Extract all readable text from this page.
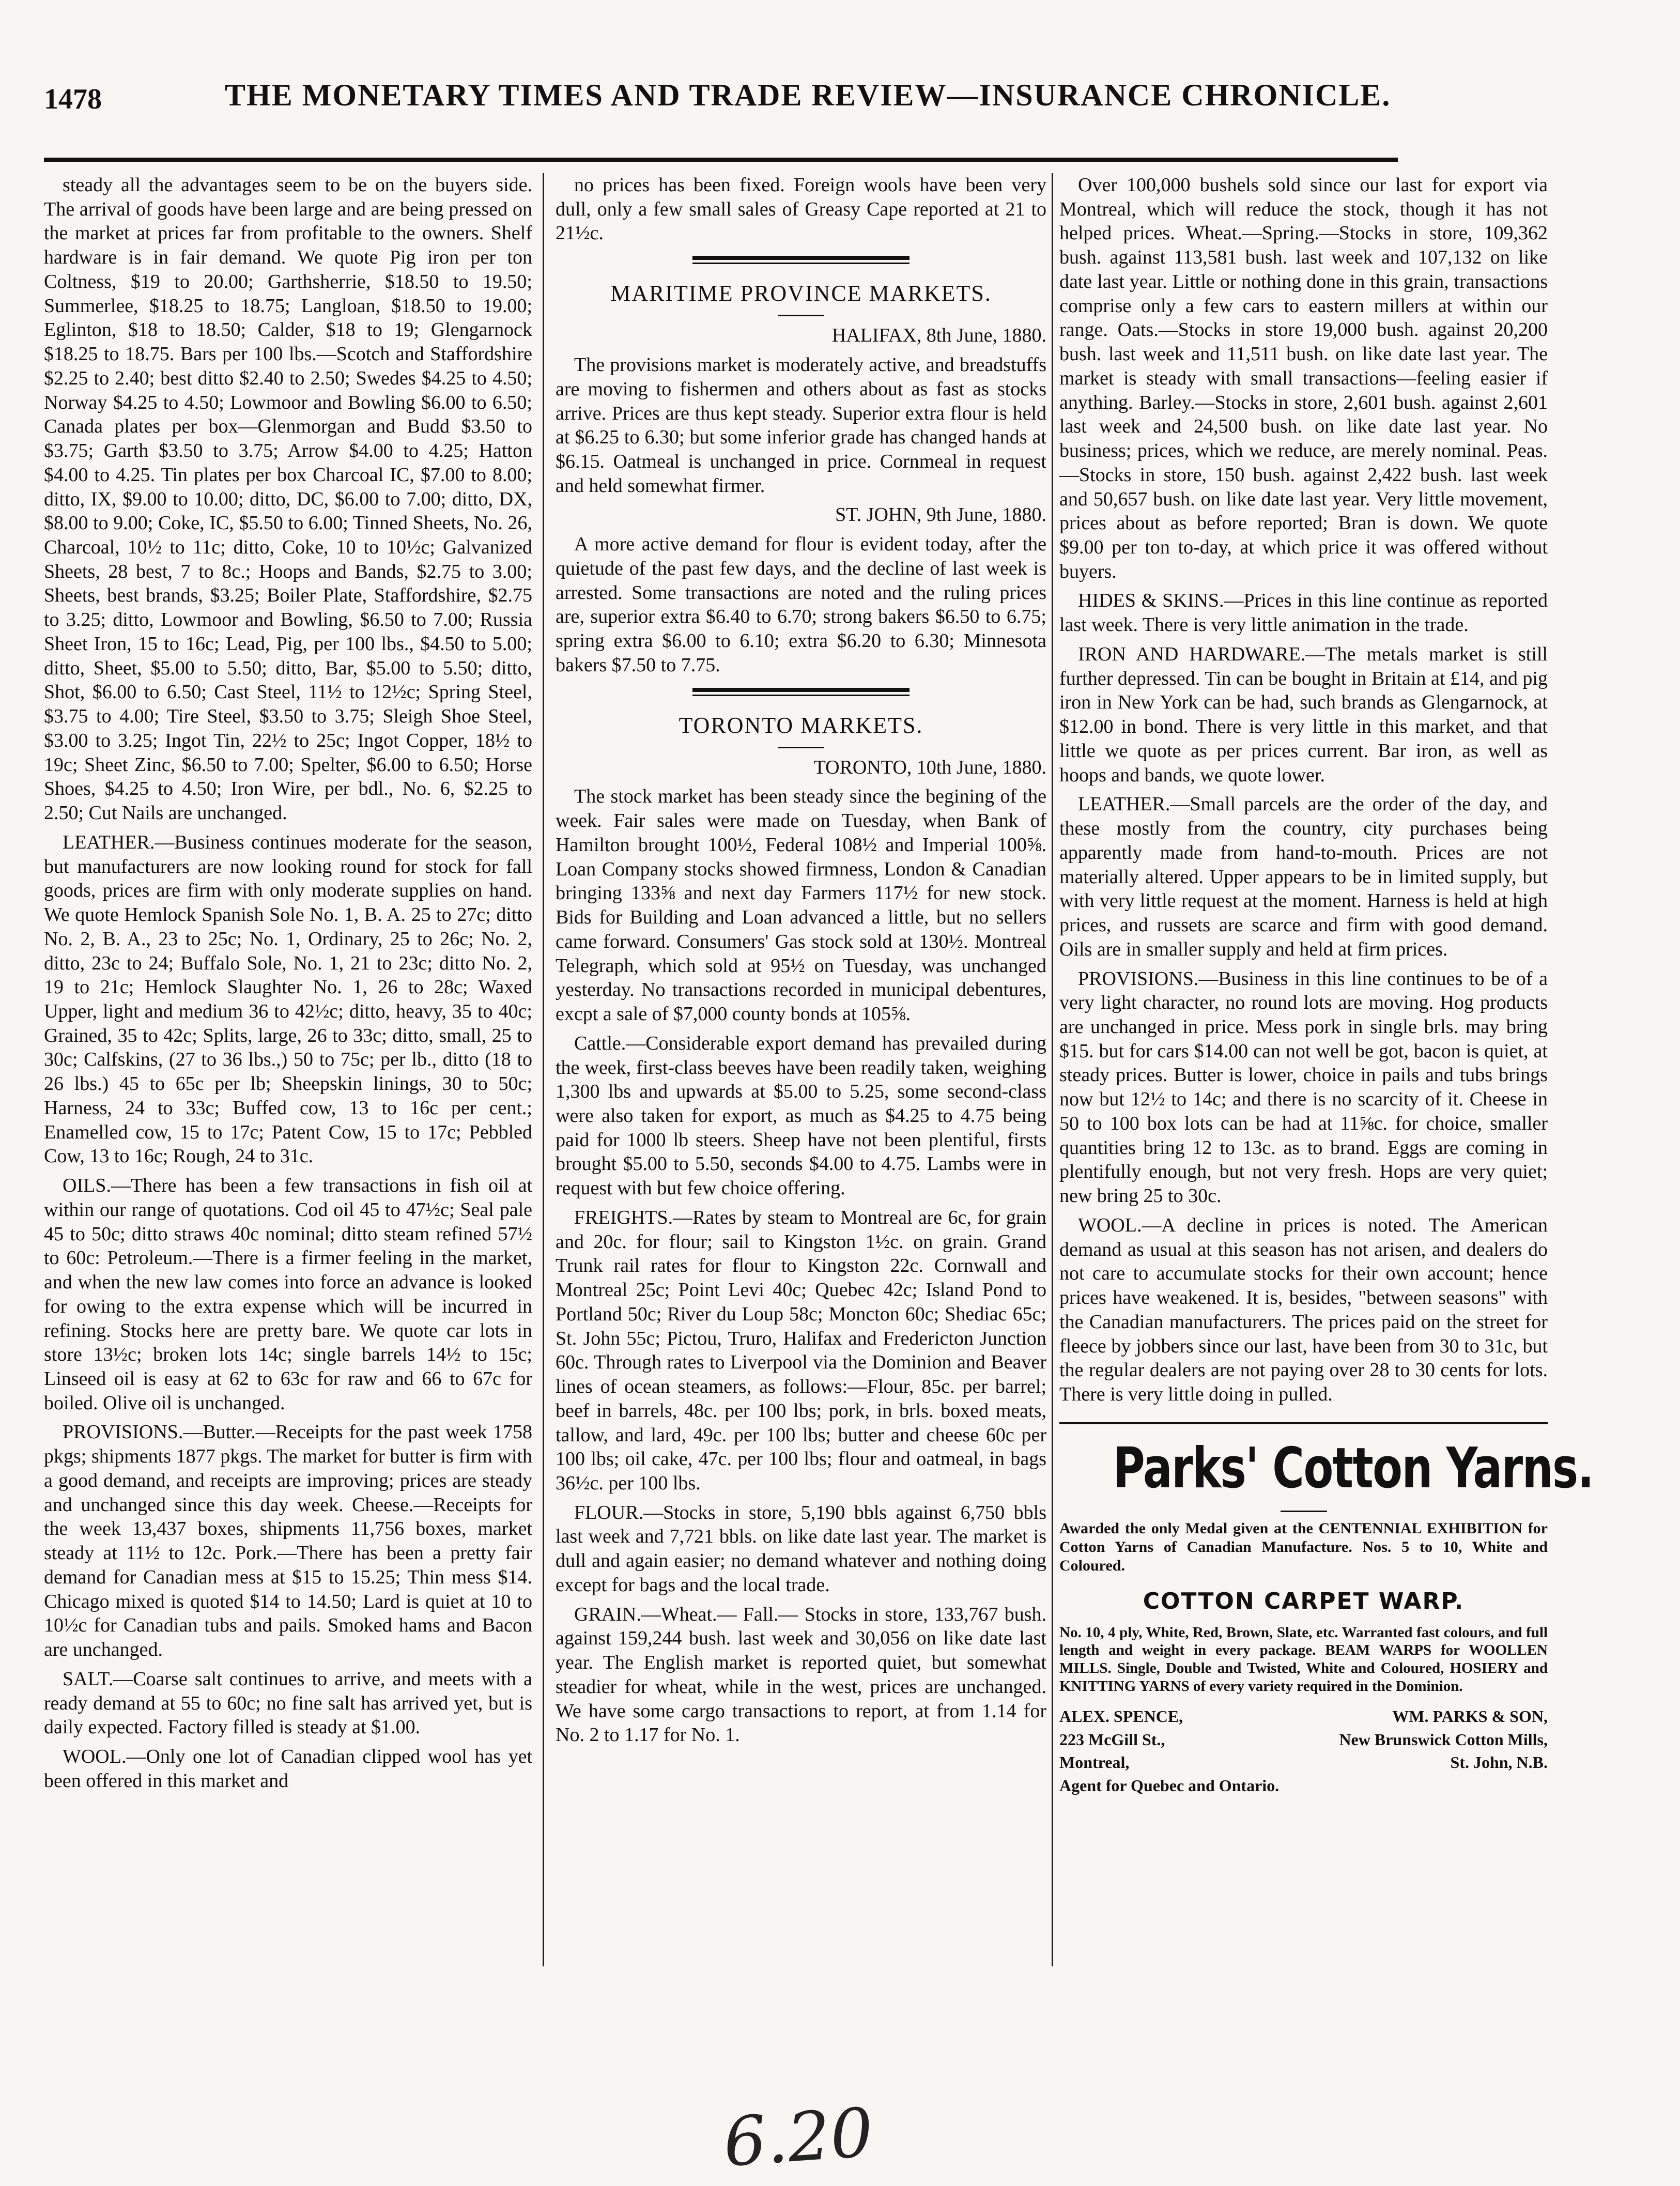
1478	THE MONETARY TIMES AND TRADE REVIEW—INSURANCE CHRONICLE.

steady all the advantages seem to be on the buyers side. The arrival of goods have been large and are being pressed on the market at prices far from profitable to the owners. Shelf hardware is in fair demand. We quote Pig iron per ton Coltness, $19 to 20.00; Garthsherrie, $18.50 to 19.50; Summerlee, $18.25 to 18.75; Langloan, $18.50 to 19.00; Eglinton, $18 to 18.50; Calder, $18 to 19; Glengarnock $18.25 to 18.75. Bars per 100 lbs.—Scotch and Staffordshire $2.25 to 2.40; best ditto $2.40 to 2.50; Swedes $4.25 to 4.50; Norway $4.25 to 4.50; Lowmoor and Bowling $6.00 to 6.50; Canada plates per box—Glenmorgan and Budd $3.50 to $3.75; Garth $3.50 to 3.75; Arrow $4.00 to 4.25; Hatton $4.00 to 4.25. Tin plates per box Charcoal IC, $7.00 to 8.00; ditto, IX, $9.00 to 10.00; ditto, DC, $6.00 to 7.00; ditto, DX, $8.00 to 9.00; Coke, IC, $5.50 to 6.00; Tinned Sheets, No. 26, Charcoal, 10½ to 11c; ditto, Coke, 10 to 10½c; Galvanized Sheets, 28 best, 7 to 8c.; Hoops and Bands, $2.75 to 3.00; Sheets, best brands, $3.25; Boiler Plate, Staffordshire, $2.75 to 3.25; ditto, Lowmoor and Bowling, $6.50 to 7.00; Russia Sheet Iron, 15 to 16c; Lead, Pig, per 100 lbs., $4.50 to 5.00; ditto, Sheet, $5.00 to 5.50; ditto, Bar, $5.00 to 5.50; ditto, Shot, $6.00 to 6.50; Cast Steel, 11½ to 12½c; Spring Steel, $3.75 to 4.00; Tire Steel, $3.50 to 3.75; Sleigh Shoe Steel, $3.00 to 3.25; Ingot Tin, 22½ to 25c; Ingot Copper, 18½ to 19c; Sheet Zinc, $6.50 to 7.00; Spelter, $6.00 to 6.50; Horse Shoes, $4.25 to 4.50; Iron Wire, per bdl., No. 6, $2.25 to 2.50; Cut Nails are unchanged.

LEATHER.—Business continues moderate for the season, but manufacturers are now looking round for stock for fall goods, prices are firm with only moderate supplies on hand. We quote Hemlock Spanish Sole No. 1, B. A. 25 to 27c; ditto No. 2, B. A., 23 to 25c; No. 1, Ordinary, 25 to 26c; No. 2, ditto, 23c to 24; Buffalo Sole, No. 1, 21 to 23c; ditto No. 2, 19 to 21c; Hemlock Slaughter No. 1, 26 to 28c; Waxed Upper, light and medium 36 to 42½c; ditto, heavy, 35 to 40c; Grained, 35 to 42c; Splits, large, 26 to 33c; ditto, small, 25 to 30c; Calfskins, (27 to 36 lbs.,) 50 to 75c; per lb., ditto (18 to 26 lbs.) 45 to 65c per lb; Sheepskin linings, 30 to 50c; Harness, 24 to 33c; Buffed cow, 13 to 16c per cent.; Enamelled cow, 15 to 17c; Patent Cow, 15 to 17c; Pebbled Cow, 13 to 16c; Rough, 24 to 31c.

OILS.—There has been a few transactions in fish oil at within our range of quotations. Cod oil 45 to 47½c; Seal pale 45 to 50c; ditto straws 40c nominal; ditto steam refined 57½ to 60c: Petroleum.—There is a firmer feeling in the market, and when the new law comes into force an advance is looked for owing to the extra expense which will be incurred in refining. Stocks here are pretty bare. We quote car lots in store 13½c; broken lots 14c; single barrels 14½ to 15c; Linseed oil is easy at 62 to 63c for raw and 66 to 67c for boiled. Olive oil is unchanged.

PROVISIONS.—Butter.—Receipts for the past week 1758 pkgs; shipments 1877 pkgs. The market for butter is firm with a good demand, and receipts are improving; prices are steady and unchanged since this day week. Cheese.—Receipts for the week 13,437 boxes, shipments 11,756 boxes, market steady at 11½ to 12c. Pork.—There has been a pretty fair demand for Canadian mess at $15 to 15.25; Thin mess $14. Chicago mixed is quoted $14 to 14.50; Lard is quiet at 10 to 10½c for Canadian tubs and pails. Smoked hams and Bacon are unchanged.

SALT.—Coarse salt continues to arrive, and meets with a ready demand at 55 to 60c; no fine salt has arrived yet, but is daily expected. Factory filled is steady at $1.00.

WOOL.—Only one lot of Canadian clipped wool has yet been offered in this market and

no prices has been fixed. Foreign wools have been very dull, only a few small sales of Greasy Cape reported at 21 to 21½c.

MARITIME PROVINCE MARKETS.
HALIFAX, 8th June, 1880.

The provisions market is moderately active, and breadstuffs are moving to fishermen and others about as fast as stocks arrive. Prices are thus kept steady. Superior extra flour is held at $6.25 to 6.30; but some inferior grade has changed hands at $6.15. Oatmeal is unchanged in price. Cornmeal in request and held somewhat firmer.

ST. JOHN, 9th June, 1880.

A more active demand for flour is evident today, after the quietude of the past few days, and the decline of last week is arrested. Some transactions are noted and the ruling prices are, superior extra $6.40 to 6.70; strong bakers $6.50 to 6.75; spring extra $6.00 to 6.10; extra $6.20 to 6.30; Minnesota bakers $7.50 to 7.75.

TORONTO MARKETS.
TORONTO, 10th June, 1880.

The stock market has been steady since the begining of the week. Fair sales were made on Tuesday, when Bank of Hamilton brought 100½, Federal 108½ and Imperial 100⅝. Loan Company stocks showed firmness, London & Canadian bringing 133⅝ and next day Farmers 117½ for new stock. Bids for Building and Loan advanced a little, but no sellers came forward. Consumers' Gas stock sold at 130½. Montreal Telegraph, which sold at 95½ on Tuesday, was unchanged yesterday. No transactions recorded in municipal debentures, excpt a sale of $7,000 county bonds at 105⅝.

Cattle.—Considerable export demand has prevailed during the week, first-class beeves have been readily taken, weighing 1,300 lbs and upwards at $5.00 to 5.25, some second-class were also taken for export, as much as $4.25 to 4.75 being paid for 1000 lb steers. Sheep have not been plentiful, firsts brought $5.00 to 5.50, seconds $4.00 to 4.75. Lambs were in request with but few choice offering.

FREIGHTS.—Rates by steam to Montreal are 6c, for grain and 20c. for flour; sail to Kingston 1½c. on grain. Grand Trunk rail rates for flour to Kingston 22c. Cornwall and Montreal 25c; Point Levi 40c; Quebec 42c; Island Pond to Portland 50c; River du Loup 58c; Moncton 60c; Shediac 65c; St. John 55c; Pictou, Truro, Halifax and Fredericton Junction 60c. Through rates to Liverpool via the Dominion and Beaver lines of ocean steamers, as follows:—Flour, 85c. per barrel; beef in barrels, 48c. per 100 lbs; pork, in brls. boxed meats, tallow, and lard, 49c. per 100 lbs; butter and cheese 60c per 100 lbs; oil cake, 47c. per 100 lbs; flour and oatmeal, in bags 36½c. per 100 lbs.

FLOUR.—Stocks in store, 5,190 bbls against 6,750 bbls last week and 7,721 bbls. on like date last year. The market is dull and again easier; no demand whatever and nothing doing except for bags and the local trade.

GRAIN.—Wheat.— Fall.— Stocks in store, 133,767 bush. against 159,244 bush. last week and 30,056 on like date last year. The English market is reported quiet, but somewhat steadier for wheat, while in the west, prices are unchanged. We have some cargo transactions to report, at from 1.14 for No. 2 to 1.17 for No. 1.

Over 100,000 bushels sold since our last for export via Montreal, which will reduce the stock, though it has not helped prices. Wheat.—Spring.—Stocks in store, 109,362 bush. against 113,581 bush. last week and 107,132 on like date last year. Little or nothing done in this grain, transactions comprise only a few cars to eastern millers at within our range. Oats.—Stocks in store 19,000 bush. against 20,200 bush. last week and 11,511 bush. on like date last year. The market is steady with small transactions—feeling easier if anything. Barley.—Stocks in store, 2,601 bush. against 2,601 last week and 24,500 bush. on like date last year. No business; prices, which we reduce, are merely nominal. Peas.—Stocks in store, 150 bush. against 2,422 bush. last week and 50,657 bush. on like date last year. Very little movement, prices about as before reported; Bran is down. We quote $9.00 per ton to-day, at which price it was offered without buyers.

HIDES & SKINS.—Prices in this line continue as reported last week. There is very little animation in the trade.

IRON AND HARDWARE.—The metals market is still further depressed. Tin can be bought in Britain at £14, and pig iron in New York can be had, such brands as Glengarnock, at $12.00 in bond. There is very little in this market, and that little we quote as per prices current. Bar iron, as well as hoops and bands, we quote lower.

LEATHER.—Small parcels are the order of the day, and these mostly from the country, city purchases being apparently made from hand-to-mouth. Prices are not materially altered. Upper appears to be in limited supply, but with very little request at the moment. Harness is held at high prices, and russets are scarce and firm with good demand. Oils are in smaller supply and held at firm prices.

PROVISIONS.—Business in this line continues to be of a very light character, no round lots are moving. Hog products are unchanged in price. Mess pork in single brls. may bring $15. but for cars $14.00 can not well be got, bacon is quiet, at steady prices. Butter is lower, choice in pails and tubs brings now but 12½ to 14c; and there is no scarcity of it. Cheese in 50 to 100 box lots can be had at 11⅝c. for choice, smaller quantities bring 12 to 13c. as to brand. Eggs are coming in plentifully enough, but not very fresh. Hops are very quiet; new bring 25 to 30c.

WOOL.—A decline in prices is noted. The American demand as usual at this season has not arisen, and dealers do not care to accumulate stocks for their own account; hence prices have weakened. It is, besides, "between seasons" with the Canadian manufacturers. The prices paid on the street for fleece by jobbers since our last, have been from 30 to 31c, but the regular dealers are not paying over 28 to 30 cents for lots. There is very little doing in pulled.

Parks' Cotton Yarns.
Awarded the only Medal given at the CENTENNIAL EXHIBITION for Cotton Yarns of Canadian Manufacture. Nos. 5 to 10, White and Coloured.
COTTON CARPET WARP.
No. 10, 4 ply, White, Red, Brown, Slate, etc. Warranted fast colours, and full length and weight in every package. BEAM WARPS for WOOLLEN MILLS. Single, Double and Twisted, White and Coloured, HOSIERY and KNITTING YARNS of every variety required in the Dominion.
ALEX. SPENCE,
223 McGill St.,
Montreal,
Agent for Quebec and Ontario.
WM. PARKS & SON,
New Brunswick Cotton Mills,
St. John, N.B.
6.20
